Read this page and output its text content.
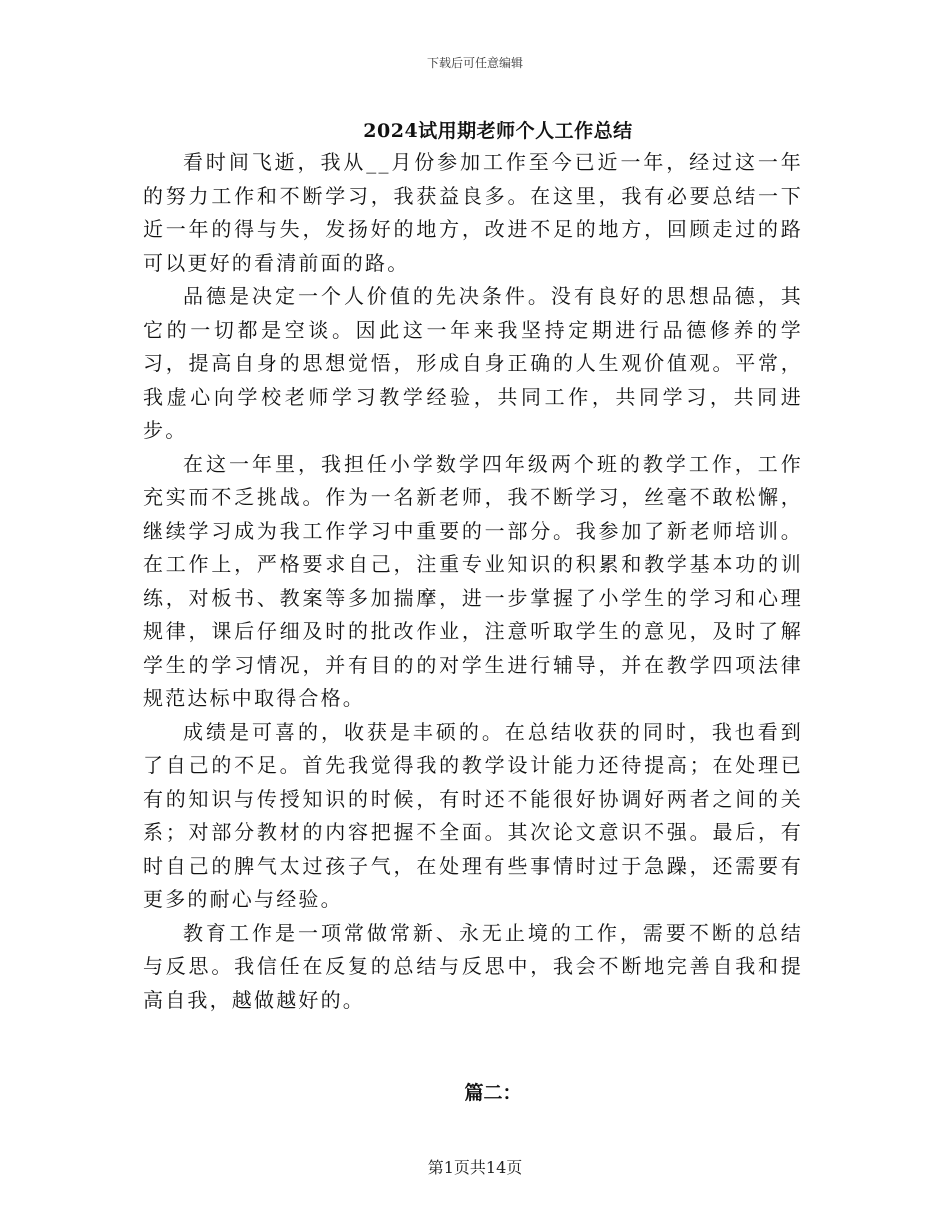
下载后可任意编辑
2024试用期老师个人工作总结

看时间飞逝，我从__月份参加工作至今已近一年，经过这一年的努力工作和不断学习，我获益良多。在这里，我有必要总结一下近一年的得与失，发扬好的地方，改进不足的地方，回顾走过的路可以更好的看清前面的路。

品德是决定一个人价值的先决条件。没有良好的思想品德，其它的一切都是空谈。因此这一年来我坚持定期进行品德修养的学习，提高自身的思想觉悟，形成自身正确的人生观价值观。平常，我虚心向学校老师学习教学经验，共同工作，共同学习，共同进步。

在这一年里，我担任小学数学四年级两个班的教学工作，工作充实而不乏挑战。作为一名新老师，我不断学习，丝毫不敢松懈，继续学习成为我工作学习中重要的一部分。我参加了新老师培训。在工作上，严格要求自己，注重专业知识的积累和教学基本功的训练，对板书、教案等多加揣摩，进一步掌握了小学生的学习和心理规律，课后仔细及时的批改作业，注意听取学生的意见，及时了解学生的学习情况，并有目的的对学生进行辅导，并在教学四项法律规范达标中取得合格。

成绩是可喜的，收获是丰硕的。在总结收获的同时，我也看到了自己的不足。首先我觉得我的教学设计能力还待提高；在处理已有的知识与传授知识的时候，有时还不能很好协调好两者之间的关系；对部分教材的内容把握不全面。其次论文意识不强。最后，有时自己的脾气太过孩子气，在处理有些事情时过于急躁，还需要有更多的耐心与经验。

教育工作是一项常做常新、永无止境的工作，需要不断的总结与反思。我信任在反复的总结与反思中，我会不断地完善自我和提高自我，越做越好的。

篇二：
第1页共14页
